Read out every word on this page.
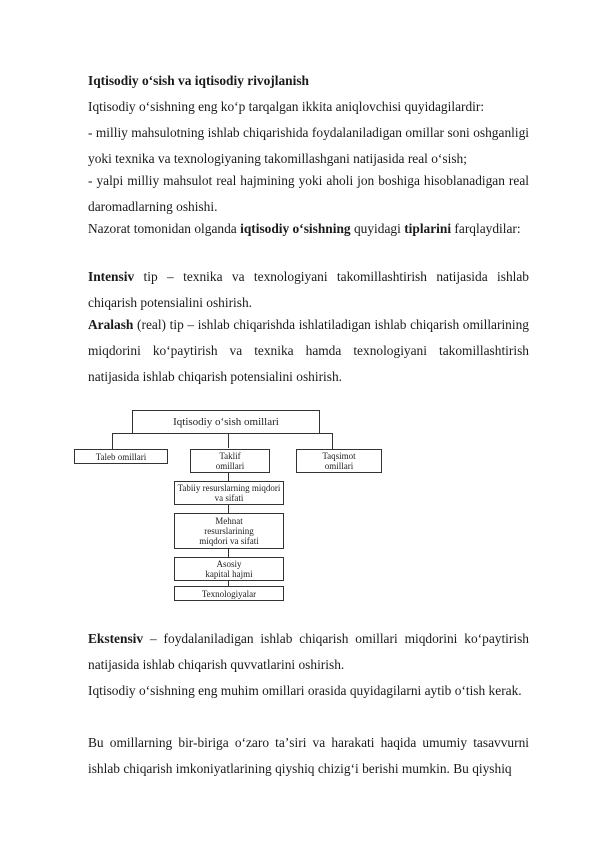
Iqtisodiy oʻsish va iqtisodiy rivojlanish

Iqtisodiy oʻsishning eng koʻp tarqalgan ikkita aniqlovchisi quyidagilardir:

- milliy mahsulotning ishlab chiqarishida foydalaniladigan omillar soni oshganligi yoki texnika va texnologiyaning takomillashgani natijasida real oʻsish;

- yalpi milliy mahsulot real hajmining yoki aholi jon boshiga hisoblanadigan real daromadlarning oshishi.

Nazorat tomonidan olganda iqtisodiy oʻsishning quyidagi tiplarini farqlaydilar:

Intensiv tip – texnika va texnologiyani takomillashtirish natijasida ishlab chiqarish potensialini oshirish.

Aralash (real) tip – ishlab chiqarishda ishlatiladigan ishlab chiqarish omillarining miqdorini koʻpaytirish va texnika hamda texnologiyani takomillashtirish natijasida ishlab chiqarish potensialini oshirish.

Iqtisodiy oʻsish omillari
Taleb omillari	Taklif omillari
Taqsimot omillari
Tabiiy resurslarning miqdori va sifati
Mehnat resurslarining miqdori va sifati
Asosiy kapital hajmi
Texnologiyalar

Ekstensiv – foydalaniladigan ishlab chiqarish omillari miqdorini koʻpaytirish natijasida ishlab chiqarish quvvatlarini oshirish.

Iqtisodiy oʻsishning eng muhim omillari orasida quyidagilarni aytib oʻtish kerak.

Bu omillarning bir-biriga oʻzaro taʼsiri va harakati haqida umumiy tasavvurni ishlab chiqarish imkoniyatlarining qiyshiq chizigʻi berishi mumkin. Bu qiyshiq
